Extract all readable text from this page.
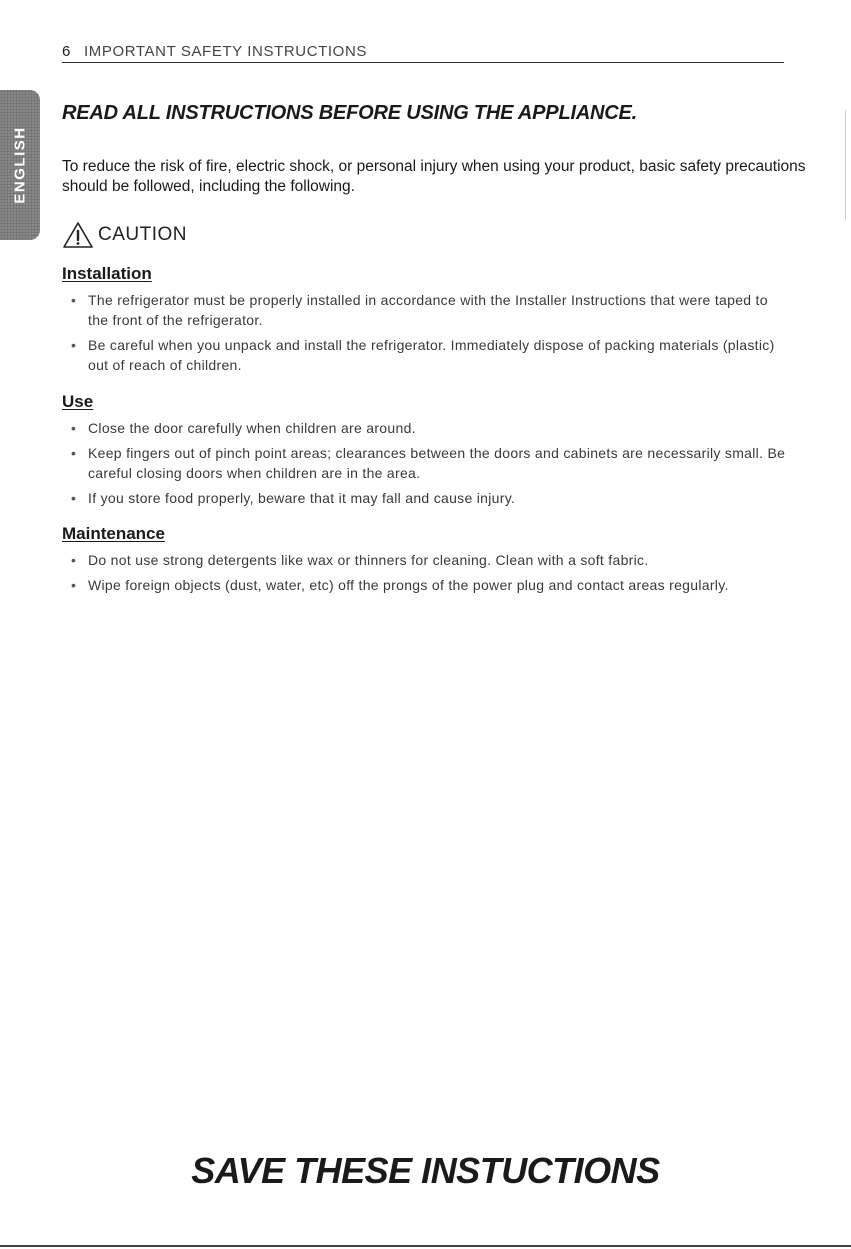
6 IMPORTANT SAFETY INSTRUCTIONS
ENGLISH
READ ALL INSTRUCTIONS BEFORE USING THE APPLIANCE.
To reduce the risk of fire, electric shock, or personal injury when using your product, basic safety precautions should be followed, including the following.
CAUTION
Installation
• The refrigerator must be properly installed in accordance with the Installer Instructions that were taped to the front of the refrigerator.
• Be careful when you unpack and install the refrigerator. Immediately dispose of packing materials (plastic) out of reach of children.
Use
• Close the door carefully when children are around.
• Keep fingers out of pinch point areas; clearances between the doors and cabinets are necessarily small. Be careful closing doors when children are in the area.
• If you store food properly, beware that it may fall and cause injury.
Maintenance
• Do not use strong detergents like wax or thinners for cleaning. Clean with a soft fabric.
• Wipe foreign objects (dust, water, etc) off the prongs of the power plug and contact areas regularly.
SAVE THESE INSTUCTIONS
